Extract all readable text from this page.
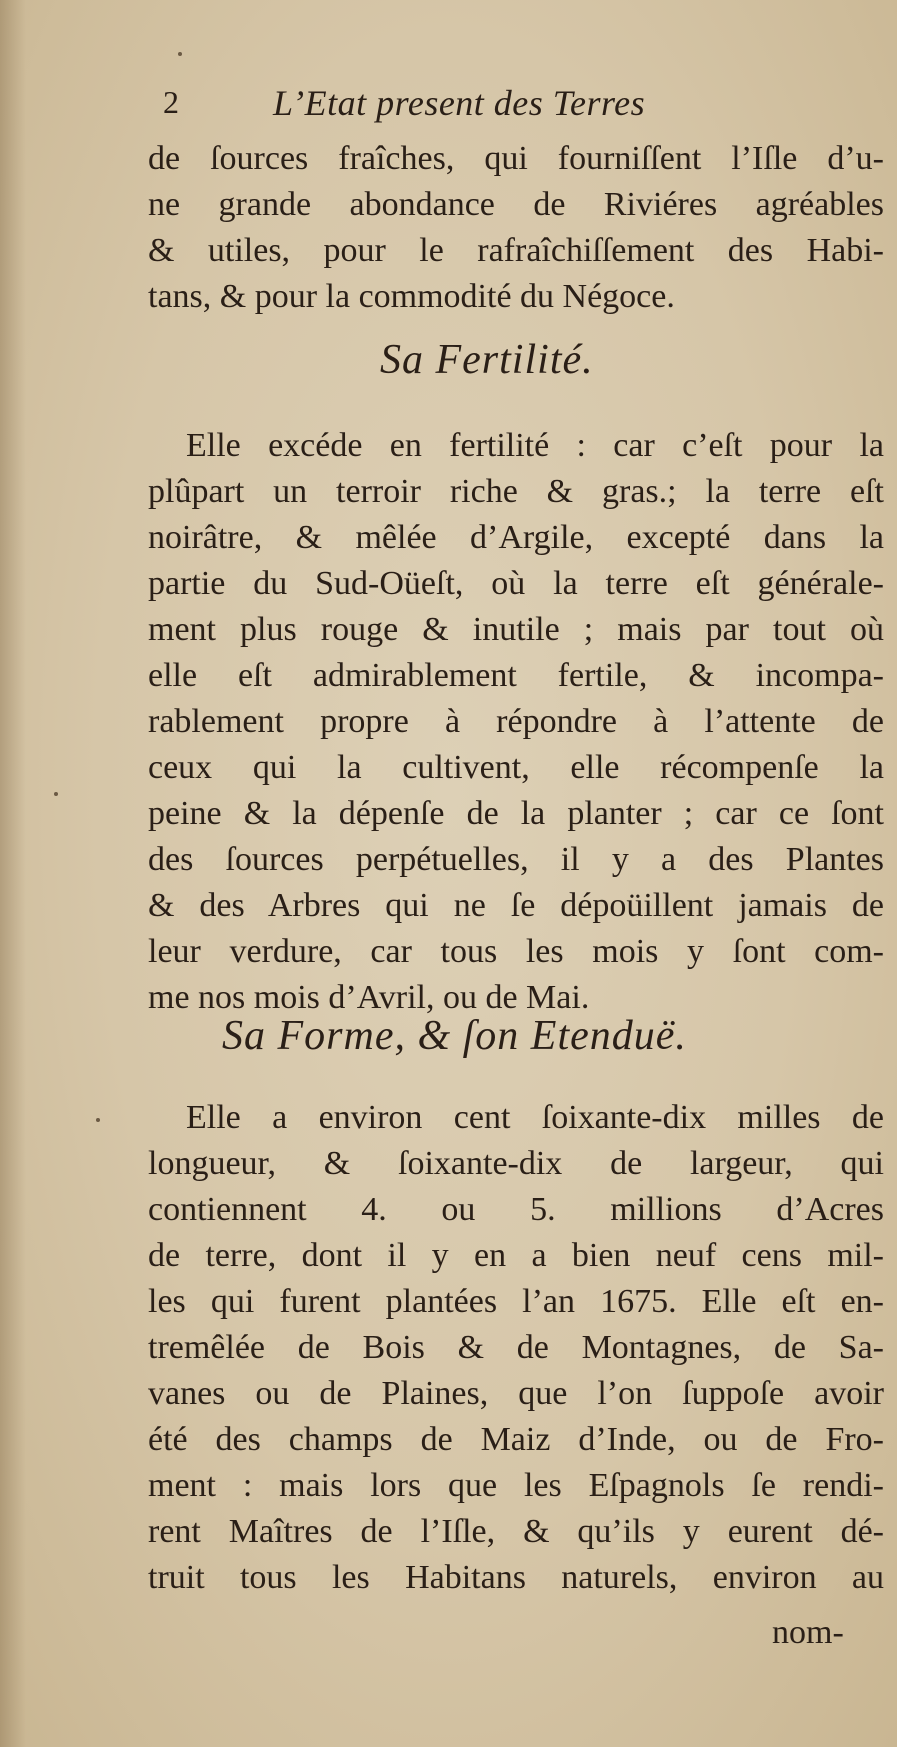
2	L’Etat present des Terres
de ſources fraîches, qui fourniſſent l’Iſle d’u-
ne grande abondance de Riviéres agréables
& utiles, pour le rafraîchiſſement des Habi-
tans, & pour la commodité du Négoce.
Sa Fertilité.
Elle excéde en fertilité : car c’eſt pour la
plûpart un terroir riche & gras.; la terre eſt
noirâtre, & mêlée d’Argile, excepté dans la
partie du Sud-Oüeſt, où la terre eſt générale-
ment plus rouge & inutile ; mais par tout où
elle eſt admirablement fertile, & incompa-
rablement propre à répondre à l’attente de
ceux qui la cultivent, elle récompenſe la
peine & la dépenſe de la planter ; car ce ſont
des ſources perpétuelles, il y a des Plantes
& des Arbres qui ne ſe dépoüillent jamais de
leur verdure, car tous les mois y ſont com-
me nos mois d’Avril, ou de Mai.
Sa Forme, & ſon Etenduë.
Elle a environ cent ſoixante-dix milles de
longueur, & ſoixante-dix de largeur, qui
contiennent 4. ou 5. millions d’Acres
de terre, dont il y en a bien neuf cens mil-
les qui furent plantées l’an 1675. Elle eſt en-
tremêlée de Bois & de Montagnes, de Sa-
vanes ou de Plaines, que l’on ſuppoſe avoir
été des champs de Maiz d’Inde, ou de Fro-
ment : mais lors que les Eſpagnols ſe rendi-
rent Maîtres de l’Iſle, & qu’ils y eurent dé-
truit tous les Habitans naturels, environ au
nom-
